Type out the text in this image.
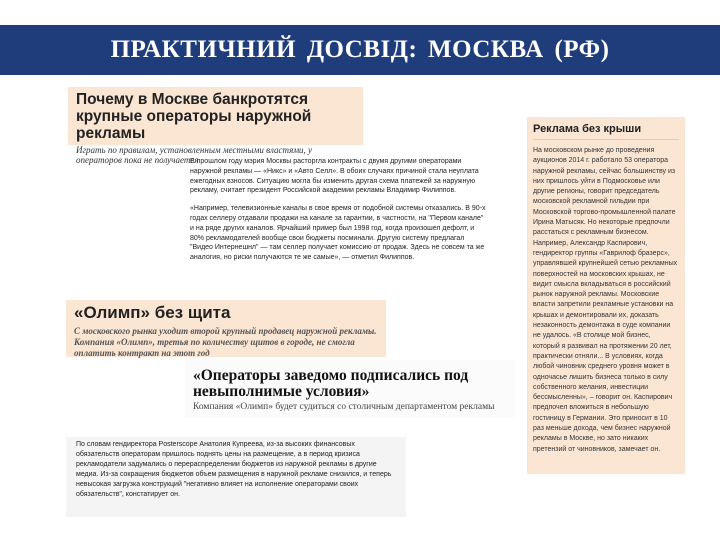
ПРАКТИЧНИЙ ДОСВІД: МОСКВА (РФ)
Почему в Москве банкротятся крупные операторы наружной рекламы
Играть по правилам, установленным местными властями, у операторов пока не получается

В прошлом году мэрия Москвы расторгла контракты с двумя другими операторами наружной рекламы — «Никс» и «Авто Селл». В обоих случаях причиной стала неуплата ежегодных взносов. Ситуацию могла бы изменить другая схема платежей за наружную рекламу, считает президент Российской академии рекламы Владимир Филиппов.

«Например, телевизионные каналы в свое время от подобной системы отказались. В 90-х годах селлеру отдавали продажи на канале за гарантии, в частности, на "Первом канале" и на ряде других каналов. Ярчайший пример был 1998 год, когда произошел дефолт, и 80% рекламодателей вообще свои бюджеты посминали. Другую систему предлагал "Видео Интернешнл" — там селлер получает комиссию от продаж. Здесь не совсем та же аналогия, но риски получаются те же самые», — отметил Филиппов.

«Олимп» без щита
С московского рынка уходит второй крупный продавец наружной рекламы. Компания «Олимп», третья по количеству щитов в городе, не смогла оплатить контракт на этот год
«Операторы заведомо подписались под невыполнимые условия»
Компания «Олимп» будет судиться со столичным департаментом рекламы
По словам гендиректора Posterscope Анатолия Купреева, из-за высоких финансовых обязательств операторам пришлось поднять цены на размещение, а в период кризиса рекламодатели задумались о перераспределении бюджетов из наружной рекламы в другие медиа. Из-за сокращения бюджетов объем размещения в наружной рекламе снизился, и теперь невысокая загрузка конструкций "негативно влияет на исполнение операторами своих обязательств", констатирует он.
Реклама без крыши
На московском рынке до проведения аукционов 2014 г. работало 53 оператора наружной рекламы, сейчас большинству из них пришлось уйти в Подмосковье или другие регионы, говорит председатель московской рекламной гильдии при Московской торгово-промышленной палате Ирина Матысяк. Но некоторые предпочли расстаться с рекламным бизнесом. Например, Александр Каспирович, гендиректор группы «Гаврилоф бразерс», управлявшей крупнейшей сетью рекламных поверхностей на московских крышах, не видит смысла вкладываться в российский рынок наружной рекламы. Московские власти запретили рекламные установки на крышах и демонтировали их, доказать незаконность демонтажа в суде компании не удалось. «В столице мой бизнес, который я развивал на протяжении 20 лет, практически отняли... В условиях, когда любой чиновник среднего уровня может в одночасье лишить бизнеса только в силу собственного желания, инвестиции бессмысленны», – говорит он. Каспирович предпочел вложиться в небольшую гостиницу в Германии. Это приносит в 10 раз меньше дохода, чем бизнес наружной рекламы в Москве, но зато никаких претензий от чиновников, замечает он.
